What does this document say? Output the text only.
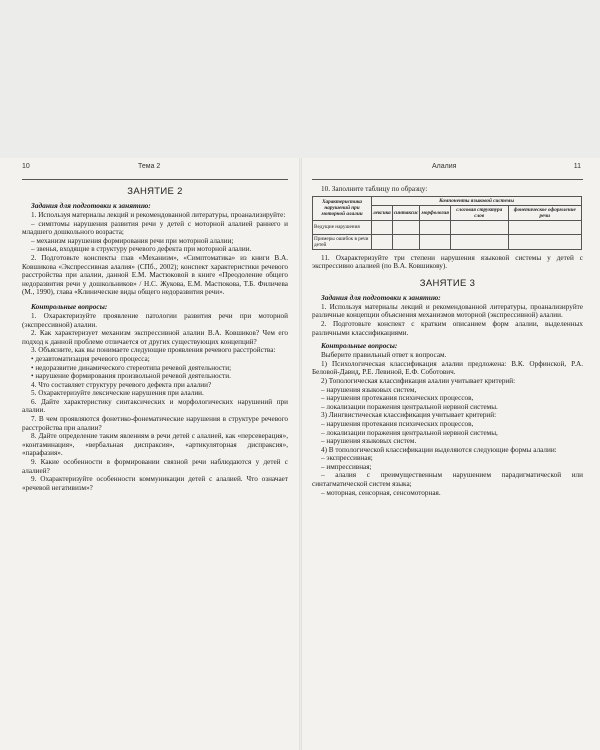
10	Тема 2
ЗАНЯТИЕ 2
Задания для подготовки к занятию:

1. Используя материалы лекций и рекомендованной литературы, проанализируйте:

– симптомы нарушения развития речи у детей с моторной алалией раннего и младшего дошкольного возраста;

– механизм нарушения формирования речи при моторной алалии;

– звенья, входящие в структуру речевого дефекта при моторной алалии.

2. Подготовьте конспекты глав «Механизм», «Симптоматика» из книги В.А. Ковшикова «Экспрессивная алалия» (СПб., 2002); конспект характеристики речевого расстройства при алалии, данной Е.М. Мастюковой в книге «Преодоление общего недоразвития речи у дошкольников» / Н.С. Жукова, Е.М. Мастюкова, Т.Б. Филичева (М., 1990), глава «Клинические виды общего недоразвития речи».

Контрольные вопросы:

1. Охарактеризуйте проявление патологии развития речи при моторной (экспрессивной) алалии.

2. Как характеризует механизм экспрессивной алалии В.А. Ковшиков? Чем его подход к данной проблеме отличается от других существующих концепций?

3. Объясните, как вы понимаете следующие проявления речевого расстройства:

• дезавтоматизация речевого процесса;

• недоразвитие динамического стереотипа речевой деятельности;

• нарушение формирования произвольной речевой деятельности.

4. Что составляет структуру речевого дефекта при алалии?

5. Охарактеризуйте лексические нарушения при алалии.

6. Дайте характеристику синтаксических и морфологических нарушений при алалии.

7. В чем проявляются фонетико-фонематические нарушения в структуре речевого расстройства при алалии?

8. Дайте определение таким явлениям в речи детей с алалией, как «персеверация», «контаминация», «вербальная диспраксия», «артикуляторная диспраксия», «парафазия».

9. Какие особенности в формировании связной речи наблюдаются у детей с алалией?

9. Охарактеризуйте особенности коммуникации детей с алалией. Что означает «речевой негативизм»?

Алалия	11

10. Заполните таблицу по образцу:

Характеристика нарушений при моторной алалии	Компоненты языковой системы				
	лексика	синтаксис	морфология	слоговая структура слов	фонетическое оформление речи
Ведущие нарушения					
Примеры ошибок в речи детей					

11. Охарактеризуйте три степени нарушения языковой системы у детей с экспрессивно алалией (по В.А. Ковшикову).

ЗАНЯТИЕ 3
Задания для подготовки к занятию:

1. Используя материалы лекций и рекомендованной литературы, проанализируйте различные концепции объяснения механизмов моторной (экспрессивной) алалии.

2. Подготовьте конспект с кратким описанием форм алалии, выделенных различными классификациями.

Контрольные вопросы:

Выберите правильный ответ к вопросам.

1) Психологическая классификация алалии предложена: В.К. Орфинской, Р.А. Беловой-Давид, Р.Е. Левиной, Е.Ф. Соботович.

2) Топологическая классификация алалии учитывает критерий:

– нарушения языковых систем,

– нарушения протекания психических процессов,

– локализации поражения центральной нервной системы.

3) Лингвистическая классификация учитывает критерий:

– нарушения протекания психических процессов,

– локализации поражения центральной нервной системы,

– нарушения языковых систем.

4) В топологической классификации выделяются следующие формы алалии:

– экспрессивная;

– импрессивная;

– алалия с преимущественным нарушением парадигматической или синтагматической систем языка;

– моторная, сенсорная, сенсомоторная.
